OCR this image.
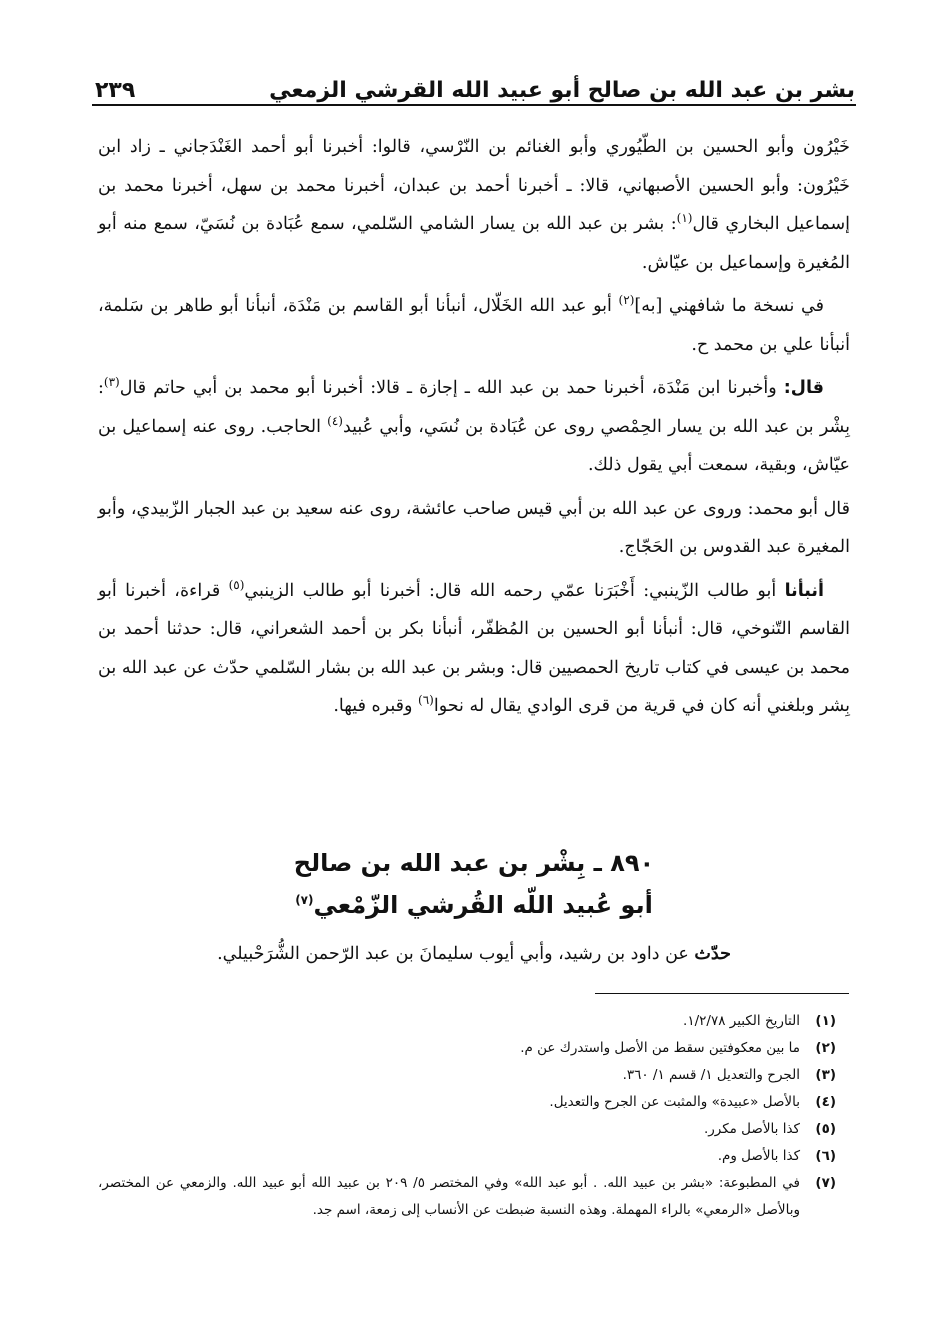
بشر بن عبد الله بن صالح أبو عبيد الله القرشي الزمعي
٢٣٩

خَيْرُون وأبو الحسين بن الطّيُوري وأبو الغنائم بن النّرْسي، قالوا: أخبرنا أبو أحمد الغَنْدَجاني ـ زاد ابن خَيْرُون: وأبو الحسين الأصبهاني، قالا: ـ أخبرنا أحمد بن عبدان، أخبرنا محمد بن سهل، أخبرنا محمد بن إسماعيل البخاري قال$^{(١)}$: بشر بن عبد الله بن يسار الشامي السّلمي، سمع عُبَادة بن نُسَيّ، سمع منه أبو المُغيرة وإسماعيل بن عيّاش.

في نسخة ما شافهني [به]$^{(٢)}$ أبو عبد الله الخَلّال، أنبأنا أبو القاسم بن مَنْدَة، أنبأنا أبو طاهر بن سَلمة، أنبأنا علي بن محمد ح.

قال: وأخبرنا ابن مَنْدَة، أخبرنا حمد بن عبد الله ـ إجازة ـ قالا: أخبرنا أبو محمد بن أبي حاتم قال$^{(٣)}$: بِشْر بن عبد الله بن يسار الحِمْصي روى عن عُبَادة بن نُسَي، وأبي عُبيد$^{(٤)}$ الحاجب. روى عنه إسماعيل بن عيّاش، وبقية، سمعت أبي يقول ذلك.

قال أبو محمد: وروى عن عبد الله بن أبي قيس صاحب عائشة، روى عنه سعيد بن عبد الجبار الزّبيدي، وأبو المغيرة عبد القدوس بن الحَجّاج.

أنبأنا أبو طالب الزّينبي: أَخْبَرَنا عمّي رحمه الله قال: أخبرنا أبو طالب الزينبي$^{(٥)}$ قراءة، أخبرنا أبو القاسم التّنوخي، قال: أنبأنا أبو الحسين بن المُظفّر، أنبأنا بكر بن أحمد الشعراني، قال: حدثنا أحمد بن محمد بن عيسى في كتاب تاريخ الحمصيين قال: وبشر بن عبد الله بن بشار السّلمي حدّث عن عبد الله بن بِشر وبلغني أنه كان في قرية من قرى الوادي يقال له نحوا$^{(٦)}$ وقبره فيها.

٨٩٠ ـ بِشْر بن عبد الله بن صالح
أبو عُبيد اللّه القُرشي الزّمْعي$^{(٧)}$
حدّث عن داود بن رشيد، وأبي أيوب سليمانَ بن عبد الرّحمن الشُّرَحْبيلي.
(١)
التاريخ الكبير ١/٢/٧٨.
(٢)
ما بين معكوفتين سقط من الأصل واستدرك عن م.
(٣)
الجرح والتعديل ١/ قسم ١/ ٣٦٠.
(٤)
بالأصل «عبيدة» والمثبت عن الجرح والتعديل.
(٥)
كذا بالأصل مكرر.
(٦)
كذا بالأصل وم.
(٧)
في المطبوعة: «بشر بن عبيد الله. . أبو عبد الله» وفي المختصر ٥/ ٢٠٩ بن عبيد الله أبو عبيد الله. والزمعي عن المختصر، وبالأصل «الرمعي» بالراء المهملة. وهذه النسبة ضبطت عن الأنساب إلى زمعة، اسم جد.
